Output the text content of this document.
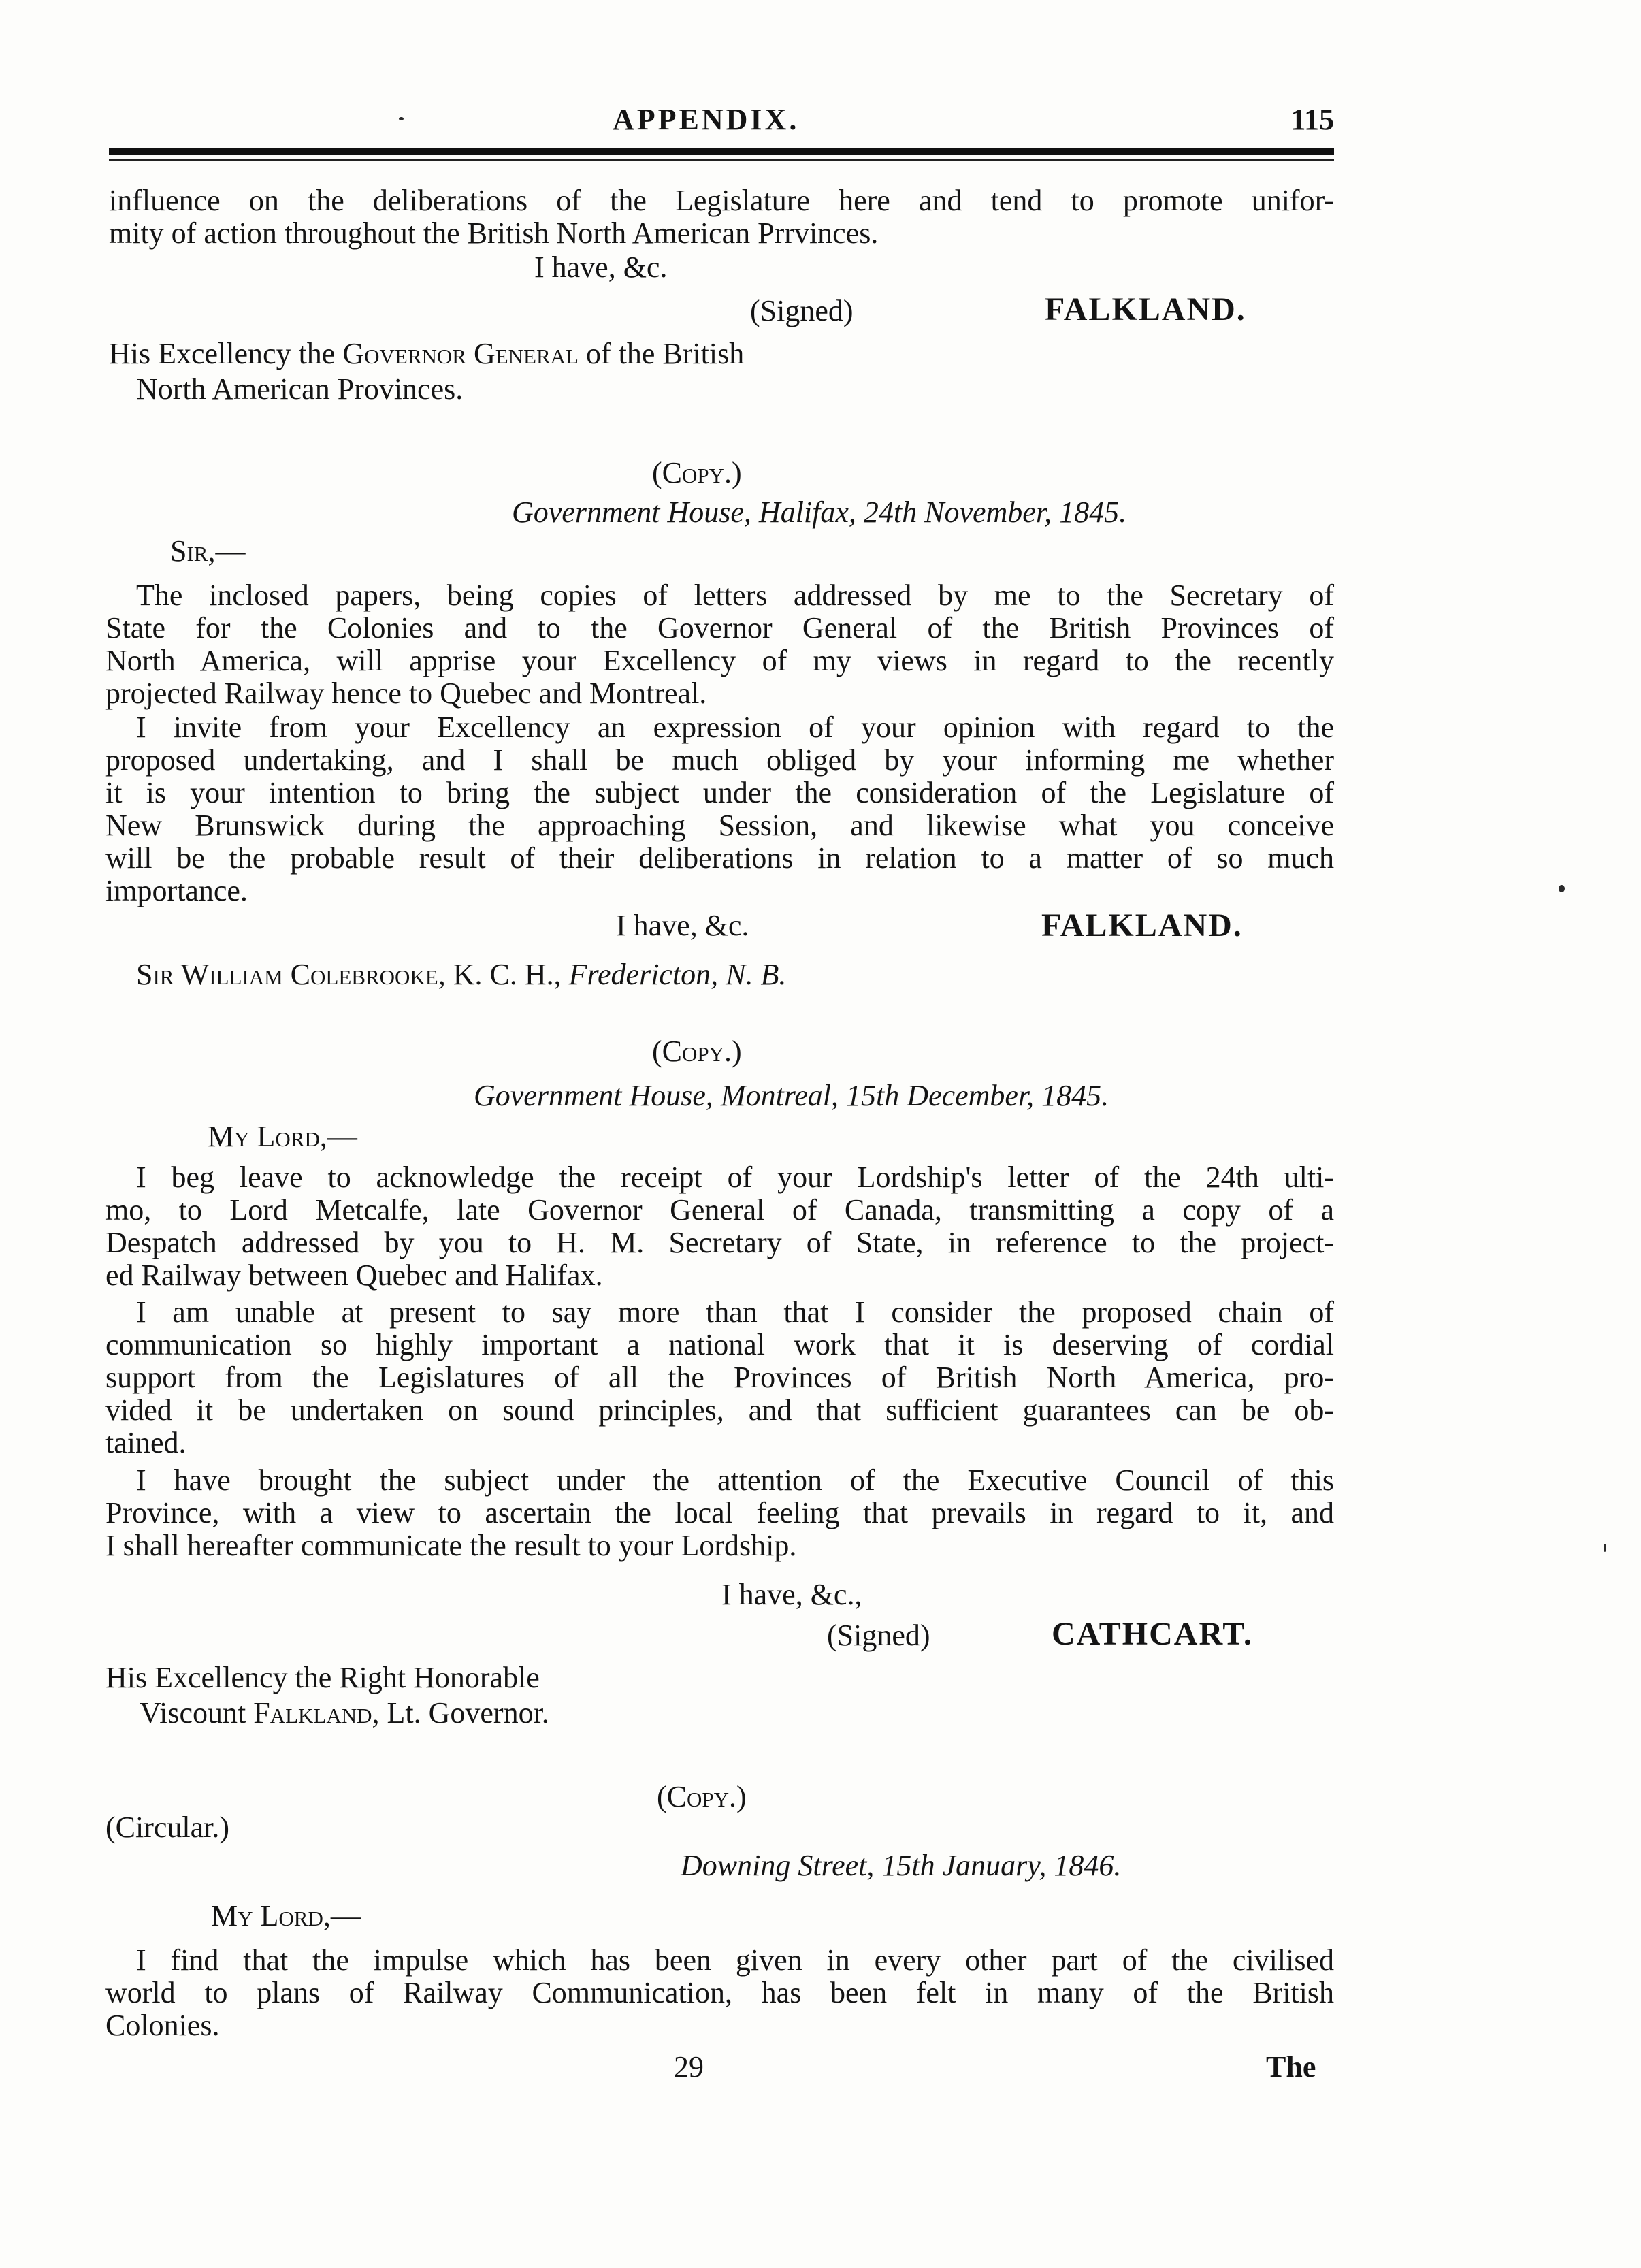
APPENDIX.	115
influence on the deliberations of the Legislature here and tend to promote unifor-
mity of action throughout the British North American Prrvinces.
I have, &c.
(Signed)	FALKLAND.
His Excellency the Governor General of the British
North American Provinces.
(Copy.)
Government House, Halifax, 24th November, 1845.
Sir,—
The inclosed papers, being copies of letters addressed by me to the Secretary of
State for the Colonies and to the Governor General of the British Provinces of
North America, will apprise your Excellency of my views in regard to the recently
projected Railway hence to Quebec and Montreal.
I invite from your Excellency an expression of your opinion with regard to the
proposed undertaking, and I shall be much obliged by your informing me whether
it is your intention to bring the subject under the consideration of the Legislature of
New Brunswick during the approaching Session, and likewise what you conceive
will be the probable result of their deliberations in relation to a matter of so much
importance.
I have, &c.	FALKLAND.
Sir William Colebrooke, K. C. H., Fredericton, N. B.
(Copy.)
Government House, Montreal, 15th December, 1845.
My Lord,—
I beg leave to acknowledge the receipt of your Lordship's letter of the 24th ulti-
mo, to Lord Metcalfe, late Governor General of Canada, transmitting a copy of a
Despatch addressed by you to H. M. Secretary of State, in reference to the project-
ed Railway between Quebec and Halifax.
I am unable at present to say more than that I consider the proposed chain of
communication so highly important a national work that it is deserving of cordial
support from the Legislatures of all the Provinces of British North America, pro-
vided it be undertaken on sound principles, and that sufficient guarantees can be ob-
tained.
I have brought the subject under the attention of the Executive Council of this
Province, with a view to ascertain the local feeling that prevails in regard to it, and
I shall hereafter communicate the result to your Lordship.
I have, &c.,
(Signed)	CATHCART.
His Excellency the Right Honorable
Viscount Falkland, Lt. Governor.
(Copy.)
(Circular.)
Downing Street, 15th January, 1846.
My Lord,—
I find that the impulse which has been given in every other part of the civilised
world to plans of Railway Communication, has been felt in many of the British
Colonies.
29	The
